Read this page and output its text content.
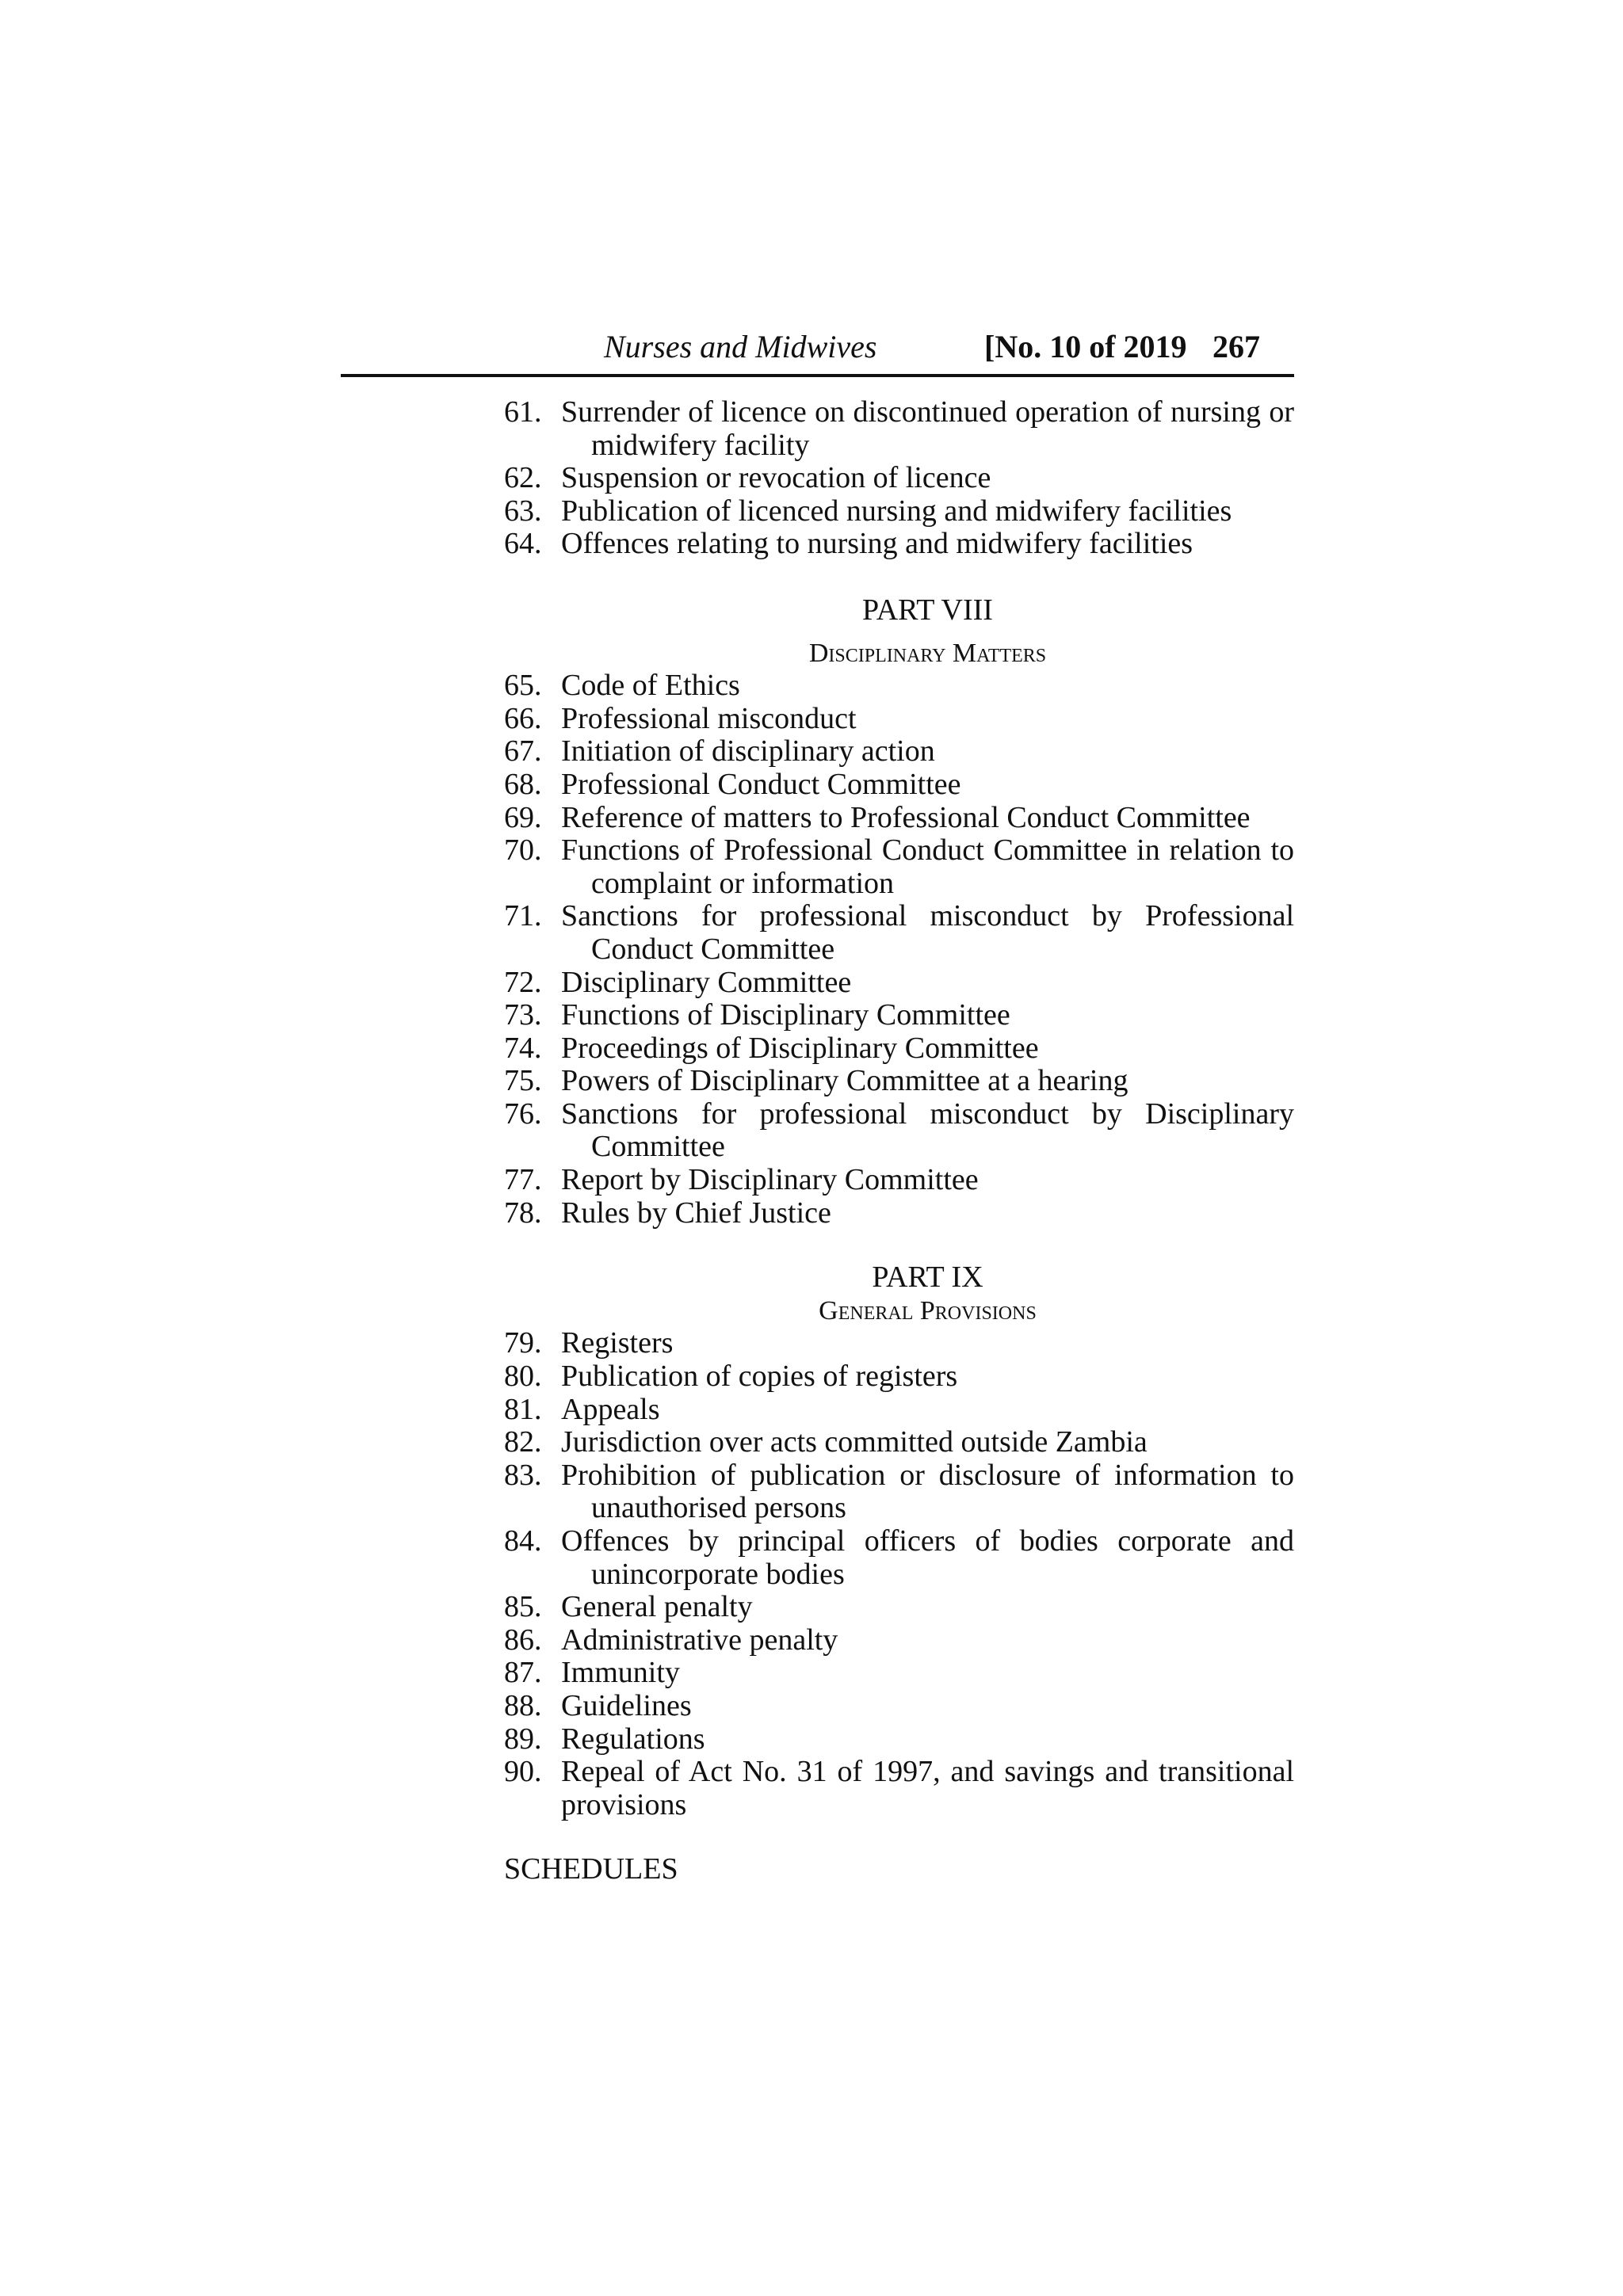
Nurses and Midwives	[No. 10 of 2019 267
61. Surrender of licence on discontinued operation of nursing or midwifery facility
62. Suspension or revocation of licence
63. Publication of licenced nursing and midwifery facilities
64. Offences relating to nursing and midwifery facilities
PART VIII
Disciplinary Matters
65. Code of Ethics
66. Professional misconduct
67. Initiation of disciplinary action
68. Professional Conduct Committee
69. Reference of matters to Professional Conduct Committee
70. Functions of Professional Conduct Committee in relation to complaint or information
71. Sanctions for professional misconduct by Professional Conduct Committee
72. Disciplinary Committee
73. Functions of Disciplinary Committee
74. Proceedings of Disciplinary Committee
75. Powers of Disciplinary Committee at a hearing
76. Sanctions for professional misconduct by Disciplinary Committee
77. Report by Disciplinary Committee
78. Rules by Chief Justice
PART IX
General Provisions
79. Registers
80. Publication of copies of registers
81. Appeals
82. Jurisdiction over acts committed outside Zambia
83. Prohibition of publication or disclosure of information to unauthorised persons
84. Offences by principal officers of bodies corporate and unincorporate bodies
85. General penalty
86. Administrative penalty
87. Immunity
88. Guidelines
89. Regulations
90. Repeal of Act No. 31 of 1997, and savings and transitional provisions
SCHEDULES
